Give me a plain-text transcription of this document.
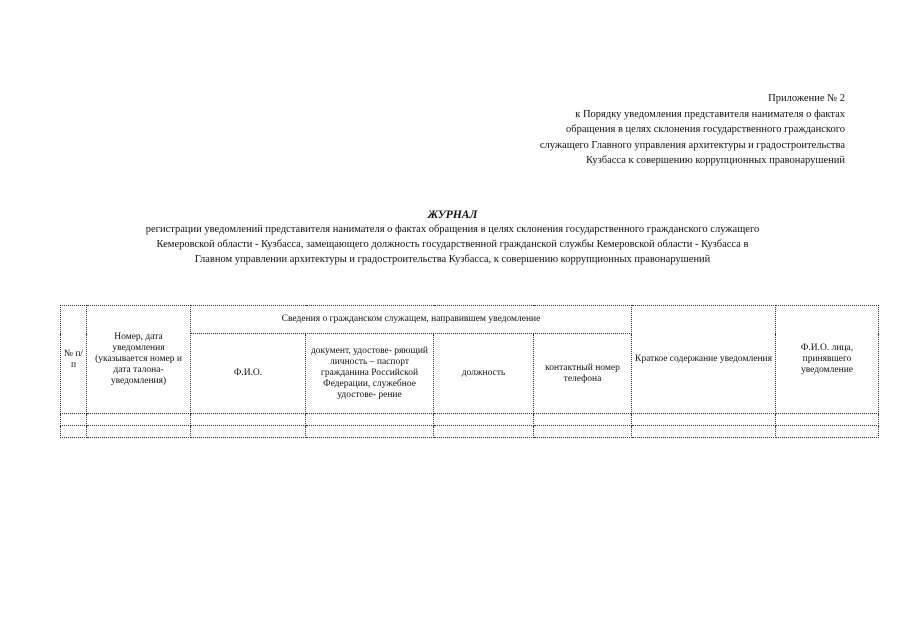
Приложение № 2
к Порядку уведомления представителя нанимателя о фактах
обращения в целях склонения государственного гражданского
служащего Главного управления архитектуры и градостроительства
Кузбасса к совершению коррупционных правонарушений
ЖУРНАЛ
регистрации уведомлений представителя нанимателя о фактах обращения в целях склонения государственного гражданского служащего
Кемеровской области - Кузбасса, замещающего должность государственной гражданской службы Кемеровской области - Кузбасса в
Главном управлении архитектуры и градостроительства Кузбасса, к совершению коррупционных правонарушений
№ п/п	Номер, дата уведомления (указывается номер и дата талона-уведомления)	Сведения о гражданском служащем, направившем уведомление				Краткое содержание уведомления	Ф.И.О. лица, принявшего уведомление
		Ф.И.О.	документ, удостове- ряющий личность – паспорт гражданина Российской Федерации, служебное удостове- рение	должность	контактный номер телефона		
